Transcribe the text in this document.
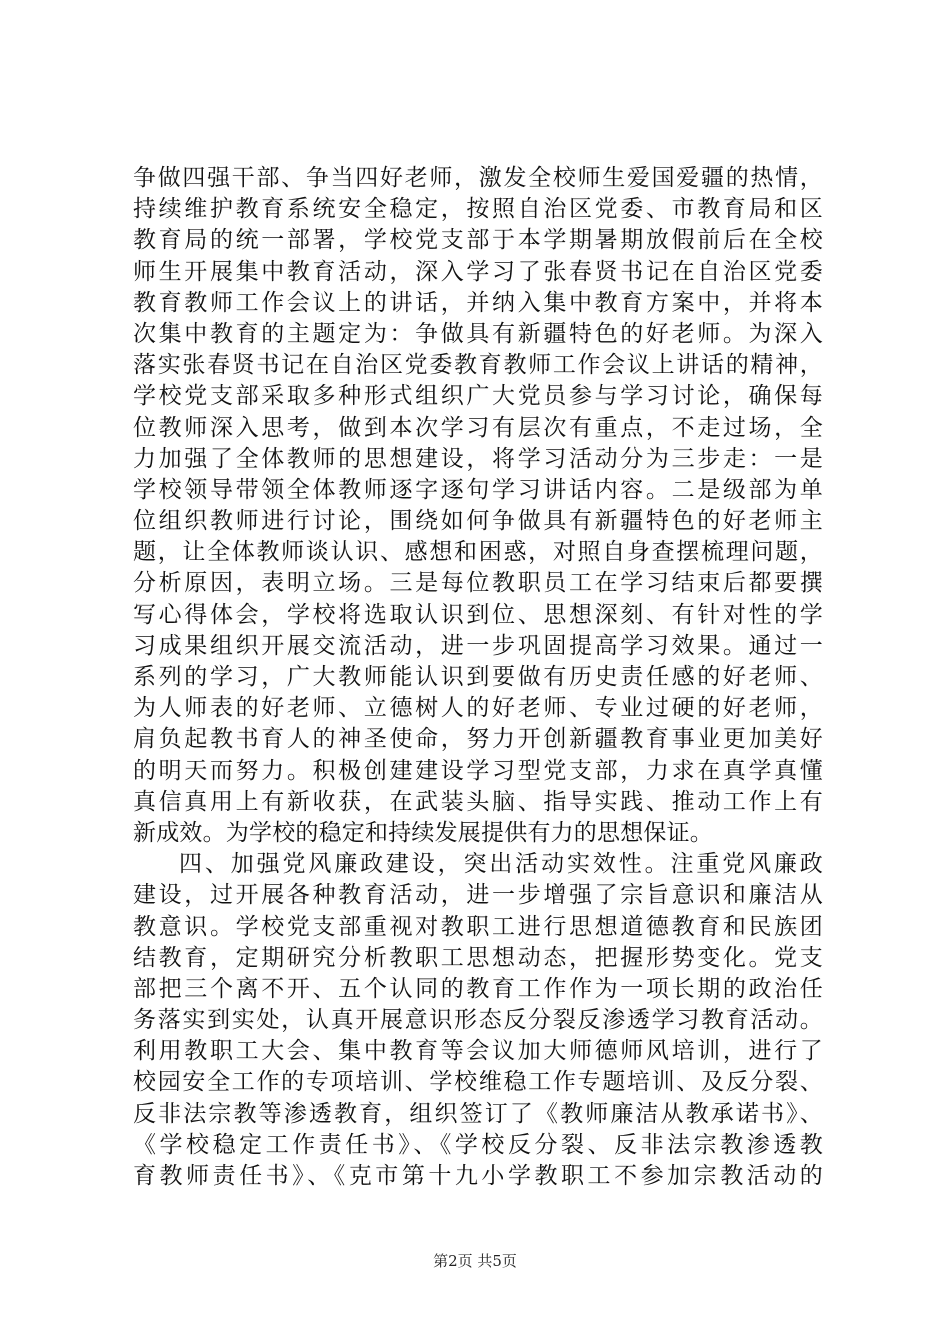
争做四强干部、争当四好老师，激发全校师生爱国爱疆的热情，
持续维护教育系统安全稳定，按照自治区党委、市教育局和区
教育局的统一部署，学校党支部于本学期暑期放假前后在全校
师生开展集中教育活动，深入学习了张春贤书记在自治区党委
教育教师工作会议上的讲话，并纳入集中教育方案中，并将本
次集中教育的主题定为：争做具有新疆特色的好老师。为深入
落实张春贤书记在自治区党委教育教师工作会议上讲话的精神，
学校党支部采取多种形式组织广大党员参与学习讨论，确保每
位教师深入思考，做到本次学习有层次有重点，不走过场，全
力加强了全体教师的思想建设，将学习活动分为三步走：一是
学校领导带领全体教师逐字逐句学习讲话内容。二是级部为单
位组织教师进行讨论，围绕如何争做具有新疆特色的好老师主
题，让全体教师谈认识、感想和困惑，对照自身查摆梳理问题，
分析原因，表明立场。三是每位教职员工在学习结束后都要撰
写心得体会，学校将选取认识到位、思想深刻、有针对性的学
习成果组织开展交流活动，进一步巩固提高学习效果。通过一
系列的学习，广大教师能认识到要做有历史责任感的好老师、
为人师表的好老师、立德树人的好老师、专业过硬的好老师，
肩负起教书育人的神圣使命，努力开创新疆教育事业更加美好
的明天而努力。积极创建建设学习型党支部，力求在真学真懂
真信真用上有新收获，在武装头脑、指导实践、推动工作上有
新成效。为学校的稳定和持续发展提供有力的思想保证。
四、加强党风廉政建设，突出活动实效性。注重党风廉政
建设，过开展各种教育活动，进一步增强了宗旨意识和廉洁从
教意识。学校党支部重视对教职工进行思想道德教育和民族团
结教育，定期研究分析教职工思想动态，把握形势变化。党支
部把三个离不开、五个认同的教育工作作为一项长期的政治任
务落实到实处，认真开展意识形态反分裂反渗透学习教育活动。
利用教职工大会、集中教育等会议加大师德师风培训，进行了
校园安全工作的专项培训、学校维稳工作专题培训、及反分裂、
反非法宗教等渗透教育，组织签订了《教师廉洁从教承诺书》、
《学校稳定工作责任书》、《学校反分裂、反非法宗教渗透教
育教师责任书》、《克市第十九小学教职工不参加宗教活动的
第2页 共5页
